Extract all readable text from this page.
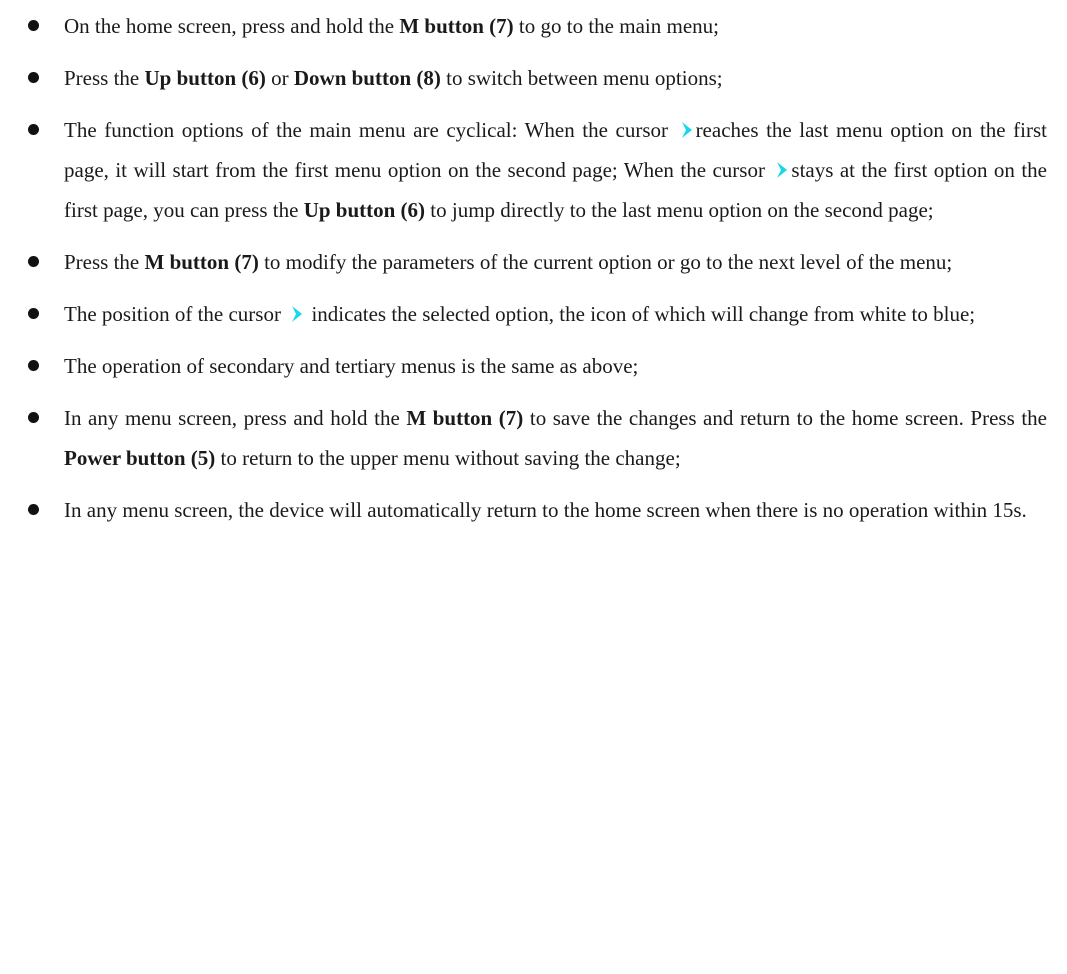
On the home screen, press and hold the M button (7) to go to the main menu;
Press the Up button (6) or Down button (8) to switch between menu options;
The function options of the main menu are cyclical: When the cursor
reaches the last menu option on the first page, it will start from the first menu option on the second page; When the cursor
stays at the first option on the first page, you can press the Up button (6) to jump directly to the last menu option on the second page;
Press the M button (7) to modify the parameters of the current option or go to the next level of the menu;
The position of the cursor
indicates the selected option, the icon of which will change from white to blue;
The operation of secondary and tertiary menus is the same as above;
In any menu screen, press and hold the M button (7) to save the changes and return to the home screen. Press the Power button (5) to return to the upper menu without saving the change;
In any menu screen, the device will automatically return to the home screen when there is no operation within 15s.
